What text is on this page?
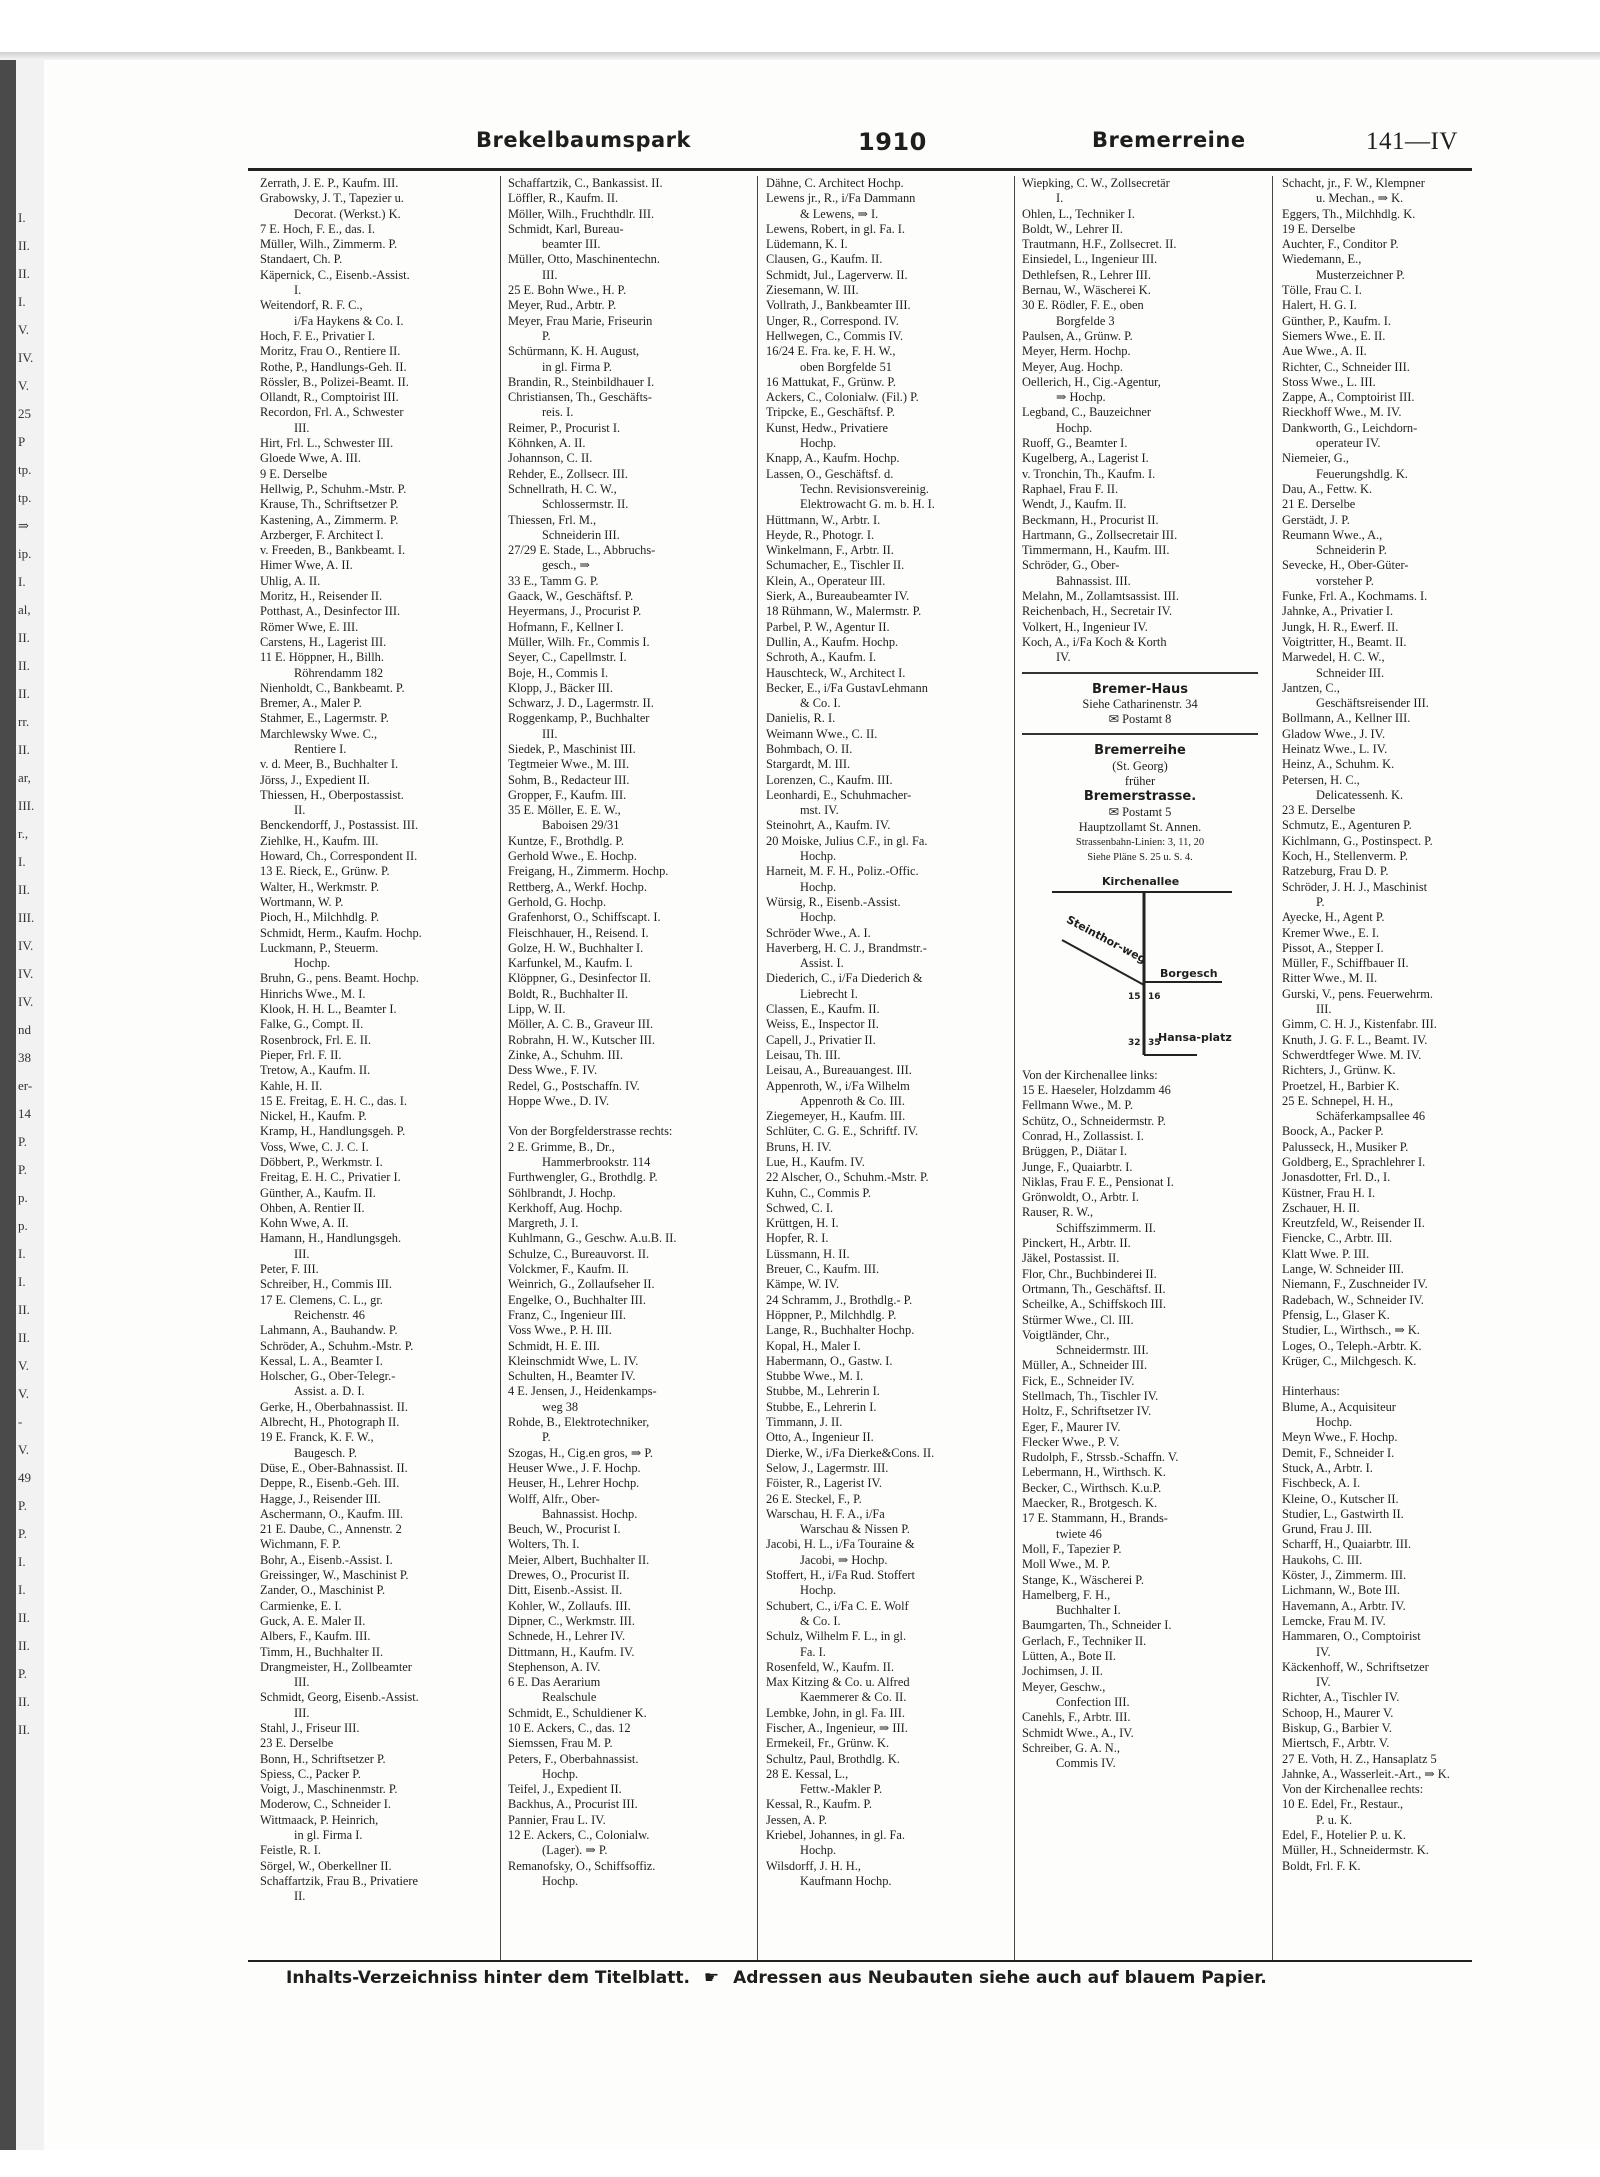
I.
II.
II.
I.
V.
IV.
V.
25
P
tp.
tp.
⇒
ip.
I.
al,
II.
II.
II.
rr.
II.
ar,
III.
r.,
I.
II.
III.
IV.
IV.
IV.
nd
38
er-
14
P.
P.
p.
p.
I.
I.
II.
II.
V.
V.
-
V.
49
P.
P.
I.
I.
II.
II.
P.
II.
II.
Brekelbaumspark	1910	Bremerreine	141—IV
Zerrath, J. E. P., Kaufm. III.
Grabowsky, J. T., Tapezier u.
Decorat. (Werkst.) K.
7 E. Hoch, F. E., das. I.
Müller, Wilh., Zimmerm. P.
Standaert, Ch. P.
Käpernick, C., Eisenb.-Assist.
I.
Weitendorf, R. F. C.,
i/Fa Haykens & Co. I.
Hoch, F. E., Privatier I.
Moritz, Frau O., Rentiere II.
Rothe, P., Handlungs-Geh. II.
Rössler, B., Polizei-Beamt. II.
Ollandt, R., Comptoirist III.
Recordon, Frl. A., Schwester
III.
Hirt, Frl. L., Schwester III.
Gloede Wwe, A. III.
9 E. Derselbe
Hellwig, P., Schuhm.-Mstr. P.
Krause, Th., Schriftsetzer P.
Kastening, A., Zimmerm. P.
Arzberger, F. Architect I.
v. Freeden, B., Bankbeamt. I.
Himer Wwe, A. II.
Uhlig, A. II.
Moritz, H., Reisender II.
Potthast, A., Desinfector III.
Römer Wwe, E. III.
Carstens, H., Lagerist III.
11 E. Höppner, H., Billh.
Röhrendamm 182
Nienholdt, C., Bankbeamt. P.
Bremer, A., Maler P.
Stahmer, E., Lagermstr. P.
Marchlewsky Wwe. C.,
Rentiere I.
v. d. Meer, B., Buchhalter I.
Jörss, J., Expedient II.
Thiessen, H., Oberpostassist.
II.
Benckendorff, J., Postassist. III.
Ziehlke, H., Kaufm. III.
Howard, Ch., Correspondent II.
13 E. Rieck, E., Grünw. P.
Walter, H., Werkmstr. P.
Wortmann, W. P.
Pioch, H., Milchhdlg. P.
Schmidt, Herm., Kaufm. Hochp.
Luckmann, P., Steuerm.
Hochp.
Bruhn, G., pens. Beamt. Hochp.
Hinrichs Wwe., M. I.
Klook, H. H. L., Beamter I.
Falke, G., Compt. II.
Rosenbrock, Frl. E. II.
Pieper, Frl. F. II.
Tretow, A., Kaufm. II.
Kahle, H. II.
15 E. Freitag, E. H. C., das. I.
Nickel, H., Kaufm. P.
Kramp, H., Handlungsgeh. P.
Voss, Wwe, C. J. C. I.
Döbbert, P., Werkmstr. I.
Freitag, E. H. C., Privatier I.
Günther, A., Kaufm. II.
Ohben, A. Rentier II.
Kohn Wwe, A. II.
Hamann, H., Handlungsgeh.
III.
Peter, F. III.
Schreiber, H., Commis III.
17 E. Clemens, C. L., gr.
Reichenstr. 46
Lahmann, A., Bauhandw. P.
Schröder, A., Schuhm.-Mstr. P.
Kessal, L. A., Beamter I.
Holscher, G., Ober-Telegr.-
Assist. a. D. I.
Gerke, H., Oberbahnassist. II.
Albrecht, H., Photograph II.
19 E. Franck, K. F. W.,
Baugesch. P.
Düse, E., Ober-Bahnassist. II.
Deppe, R., Eisenb.-Geh. III.
Hagge, J., Reisender III.
Aschermann, O., Kaufm. III.
21 E. Daube, C., Annenstr. 2
Wichmann, F. P.
Bohr, A., Eisenb.-Assist. I.
Greissinger, W., Maschinist P.
Zander, O., Maschinist P.
Carmienke, E. I.
Guck, A. E. Maler II.
Albers, F., Kaufm. III.
Timm, H., Buchhalter II.
Drangmeister, H., Zollbeamter
III.
Schmidt, Georg, Eisenb.-Assist.
III.
Stahl, J., Friseur III.
23 E. Derselbe
Bonn, H., Schriftsetzer P.
Spiess, C., Packer P.
Voigt, J., Maschinenmstr. P.
Moderow, C., Schneider I.
Wittmaack, P. Heinrich,
in gl. Firma I.
Feistle, R. I.
Sörgel, W., Oberkellner II.
Schaffartzik, Frau B., Privatiere
II.
Schaffartzik, C., Bankassist. II.
Löffler, R., Kaufm. II.
Möller, Wilh., Fruchthdlr. III.
Schmidt, Karl, Bureau-
beamter III.
Müller, Otto, Maschinentechn.
III.
25 E. Bohn Wwe., H. P.
Meyer, Rud., Arbtr. P.
Meyer, Frau Marie, Friseurin
P.
Schürmann, K. H. August,
in gl. Firma P.
Brandin, R., Steinbildhauer I.
Christiansen, Th., Geschäfts-
reis. I.
Reimer, P., Procurist I.
Köhnken, A. II.
Johannson, C. II.
Rehder, E., Zollsecr. III.
Schnellrath, H. C. W.,
Schlossermstr. II.
Thiessen, Frl. M.,
Schneiderin III.
27/29 E. Stade, L., Abbruchs-
gesch., ⇒
33 E., Tamm G. P.
Gaack, W., Geschäftsf. P.
Heyermans, J., Procurist P.
Hofmann, F., Kellner I.
Müller, Wilh. Fr., Commis I.
Seyer, C., Capellmstr. I.
Boje, H., Commis I.
Klopp, J., Bäcker III.
Schwarz, J. D., Lagermstr. II.
Roggenkamp, P., Buchhalter
III.
Siedek, P., Maschinist III.
Tegtmeier Wwe., M. III.
Sohm, B., Redacteur III.
Gropper, F., Kaufm. III.
35 E. Möller, E. E. W.,
Baboisen 29/31
Kuntze, F., Brothdlg. P.
Gerhold Wwe., E. Hochp.
Freigang, H., Zimmerm. Hochp.
Rettberg, A., Werkf. Hochp.
Gerhold, G. Hochp.
Grafenhorst, O., Schiffscapt. I.
Fleischhauer, H., Reisend. I.
Golze, H. W., Buchhalter I.
Karfunkel, M., Kaufm. I.
Klöppner, G., Desinfector II.
Boldt, R., Buchhalter II.
Lipp, W. II.
Möller, A. C. B., Graveur III.
Robrahn, H. W., Kutscher III.
Zinke, A., Schuhm. III.
Dess Wwe., F. IV.
Redel, G., Postschaffn. IV.
Hoppe Wwe., D. IV.

Von der Borgfelderstrasse rechts:
2 E. Grimme, B., Dr.,
Hammerbrookstr. 114
Furthwengler, G., Brothdlg. P.
Söhlbrandt, J. Hochp.
Kerkhoff, Aug. Hochp.
Margreth, J. I.
Kuhlmann, G., Geschw. A.u.B. II.
Schulze, C., Bureauvorst. II.
Volckmer, F., Kaufm. II.
Weinrich, G., Zollaufseher II.
Engelke, O., Buchhalter III.
Franz, C., Ingenieur III.
Voss Wwe., P. H. III.
Schmidt, H. E. III.
Kleinschmidt Wwe, L. IV.
Schulten, H., Beamter IV.
4 E. Jensen, J., Heidenkamps-
weg 38
Rohde, B., Elektrotechniker,
P.
Szogas, H., Cig.en gros, ⇒ P.
Heuser Wwe., J. F. Hochp.
Heuser, H., Lehrer Hochp.
Wolff, Alfr., Ober-
Bahnassist. Hochp.
Beuch, W., Procurist I.
Wolters, Th. I.
Meier, Albert, Buchhalter II.
Drewes, O., Procurist II.
Ditt, Eisenb.-Assist. II.
Kohler, W., Zollaufs. III.
Dipner, C., Werkmstr. III.
Schnede, H., Lehrer IV.
Dittmann, H., Kaufm. IV.
Stephenson, A. IV.
6 E. Das Aerarium
Realschule
Schmidt, E., Schuldiener K.
10 E. Ackers, C., das. 12
Siemssen, Frau M. P.
Peters, F., Oberbahnassist.
Hochp.
Teifel, J., Expedient II.
Backhus, A., Procurist III.
Pannier, Frau L. IV.
12 E. Ackers, C., Colonialw.
(Lager). ⇒ P.
Remanofsky, O., Schiffsoffiz.
Hochp.
Dähne, C. Architect Hochp.
Lewens jr., R., i/Fa Dammann
& Lewens, ⇒ I.
Lewens, Robert, in gl. Fa. I.
Lüdemann, K. I.
Clausen, G., Kaufm. II.
Schmidt, Jul., Lagerverw. II.
Ziesemann, W. III.
Vollrath, J., Bankbeamter III.
Unger, R., Correspond. IV.
Hellwegen, C., Commis IV.
16/24 E. Fra. ke, F. H. W.,
oben Borgfelde 51
16 Mattukat, F., Grünw. P.
Ackers, C., Colonialw. (Fil.) P.
Tripcke, E., Geschäftsf. P.
Kunst, Hedw., Privatiere
Hochp.
Knapp, A., Kaufm. Hochp.
Lassen, O., Geschäftsf. d.
Techn. Revisionsvereinig.
Elektrowacht G. m. b. H. I.
Hüttmann, W., Arbtr. I.
Heyde, R., Photogr. I.
Winkelmann, F., Arbtr. II.
Schumacher, E., Tischler II.
Klein, A., Operateur III.
Sierk, A., Bureaubeamter IV.
18 Rühmann, W., Malermstr. P.
Parbel, P. W., Agentur II.
Dullin, A., Kaufm. Hochp.
Schroth, A., Kaufm. I.
Hauschteck, W., Architect I.
Becker, E., i/Fa GustavLehmann
& Co. I.
Danielis, R. I.
Weimann Wwe., C. II.
Bohmbach, O. II.
Stargardt, M. III.
Lorenzen, C., Kaufm. III.
Leonhardi, E., Schuhmacher-
mst. IV.
Steinohrt, A., Kaufm. IV.
20 Moiske, Julius C.F., in gl. Fa.
Hochp.
Harneit, M. F. H., Poliz.-Offic.
Hochp.
Würsig, R., Eisenb.-Assist.
Hochp.
Schröder Wwe., A. I.
Haverberg, H. C. J., Brandmstr.-
Assist. I.
Diederich, C., i/Fa Diederich &
Liebrecht I.
Classen, E., Kaufm. II.
Weiss, E., Inspector II.
Capell, J., Privatier II.
Leisau, Th. III.
Leisau, A., Bureauangest. III.
Appenroth, W., i/Fa Wilhelm
Appenroth & Co. III.
Ziegemeyer, H., Kaufm. III.
Schlüter, C. G. E., Schriftf. IV.
Bruns, H. IV.
Lue, H., Kaufm. IV.
22 Alscher, O., Schuhm.-Mstr. P.
Kuhn, C., Commis P.
Schwed, C. I.
Krüttgen, H. I.
Hopfer, R. I.
Lüssmann, H. II.
Breuer, C., Kaufm. III.
Kämpe, W. IV.
24 Schramm, J., Brothdlg.- P.
Höppner, P., Milchhdlg. P.
Lange, R., Buchhalter Hochp.
Kopal, H., Maler I.
Habermann, O., Gastw. I.
Stubbe Wwe., M. I.
Stubbe, M., Lehrerin I.
Stubbe, E., Lehrerin I.
Timmann, J. II.
Otto, A., Ingenieur II.
Dierke, W., i/Fa Dierke&Cons. II.
Selow, J., Lagermstr. III.
Föister, R., Lagerist IV.
26 E. Steckel, F., P.
Warschau, H. F. A., i/Fa
Warschau & Nissen P.
Jacobi, H. L., i/Fa Touraine &
Jacobi, ⇒ Hochp.
Stoffert, H., i/Fa Rud. Stoffert
Hochp.
Schubert, C., i/Fa C. E. Wolf
& Co. I.
Schulz, Wilhelm F. L., in gl.
Fa. I.
Rosenfeld, W., Kaufm. II.
Max Kitzing & Co. u. Alfred
Kaemmerer & Co. II.
Lembke, John, in gl. Fa. III.
Fischer, A., Ingenieur, ⇒ III.
Ermekeil, Fr., Grünw. K.
Schultz, Paul, Brothdlg. K.
28 E. Kessal, L.,
Fettw.-Makler P.
Kessal, R., Kaufm. P.
Jessen, A. P.
Kriebel, Johannes, in gl. Fa.
Hochp.
Wilsdorff, J. H. H.,
Kaufmann Hochp.
Wiepking, C. W., Zollsecretär
I.
Ohlen, L., Techniker I.
Boldt, W., Lehrer II.
Trautmann, H.F., Zollsecret. II.
Einsiedel, L., Ingenieur III.
Dethlefsen, R., Lehrer III.
Bernau, W., Wäscherei K.
30 E. Rödler, F. E., oben
Borgfelde 3
Paulsen, A., Grünw. P.
Meyer, Herm. Hochp.
Meyer, Aug. Hochp.
Oellerich, H., Cig.-Agentur,
⇒ Hochp.
Legband, C., Bauzeichner
Hochp.
Ruoff, G., Beamter I.
Kugelberg, A., Lagerist I.
v. Tronchin, Th., Kaufm. I.
Raphael, Frau F. II.
Wendt, J., Kaufm. II.
Beckmann, H., Procurist II.
Hartmann, G., Zollsecretair III.
Timmermann, H., Kaufm. III.
Schröder, G., Ober-
Bahnassist. III.
Melahn, M., Zollamtsassist. III.
Reichenbach, H., Secretair IV.
Volkert, H., Ingenieur IV.
Koch, A., i/Fa Koch & Korth
IV.
Bremer-Haus
Siehe Catharinenstr. 34
✉ Postamt 8
Bremerreihe
(St. Georg)
früher
Bremerstrasse.
✉ Postamt 5
Hauptzollamt St. Annen.
Strassenbahn-Linien: 3, 11, 20
Siehe Pläne S. 25 u. S. 4.
Kirchenallee
Steinthor-weg
Borgesch
Hansa-platz
15 16
32 35
Von der Kirchenallee links:
15 E. Haeseler, Holzdamm 46
Fellmann Wwe., M. P.
Schütz, O., Schneidermstr. P.
Conrad, H., Zollassist. I.
Brüggen, P., Diätar I.
Junge, F., Quaiarbtr. I.
Niklas, Frau F. E., Pensionat I.
Grönwoldt, O., Arbtr. I.
Rauser, R. W.,
Schiffszimmerm. II.
Pinckert, H., Arbtr. II.
Jäkel, Postassist. II.
Flor, Chr., Buchbinderei II.
Ortmann, Th., Geschäftsf. II.
Scheilke, A., Schiffskoch III.
Stürmer Wwe., Cl. III.
Voigtländer, Chr.,
Schneidermstr. III.
Müller, A., Schneider III.
Fick, E., Schneider IV.
Stellmach, Th., Tischler IV.
Holtz, F., Schriftsetzer IV.
Eger, F., Maurer IV.
Flecker Wwe., P. V.
Rudolph, F., Strssb.-Schaffn. V.
Lebermann, H., Wirthsch. K.
Becker, C., Wirthsch. K.u.P.
Maecker, R., Brotgesch. K.
17 E. Stammann, H., Brands-
twiete 46
Moll, F., Tapezier P.
Moll Wwe., M. P.
Stange, K., Wäscherei P.
Hamelberg, F. H.,
Buchhalter I.
Baumgarten, Th., Schneider I.
Gerlach, F., Techniker II.
Lütten, A., Bote II.
Jochimsen, J. II.
Meyer, Geschw.,
Confection III.
Canehls, F., Arbtr. III.
Schmidt Wwe., A., IV.
Schreiber, G. A. N.,
Commis IV.
Schacht, jr., F. W., Klempner
u. Mechan., ⇒ K.
Eggers, Th., Milchhdlg. K.
19 E. Derselbe
Auchter, F., Conditor P.
Wiedemann, E.,
Musterzeichner P.
Tölle, Frau C. I.
Halert, H. G. I.
Günther, P., Kaufm. I.
Siemers Wwe., E. II.
Aue Wwe., A. II.
Richter, C., Schneider III.
Stoss Wwe., L. III.
Zappe, A., Comptoirist III.
Rieckhoff Wwe., M. IV.
Dankworth, G., Leichdorn-
operateur IV.
Niemeier, G.,
Feuerungshdlg. K.
Dau, A., Fettw. K.
21 E. Derselbe
Gerstädt, J. P.
Reumann Wwe., A.,
Schneiderin P.
Sevecke, H., Ober-Güter-
vorsteher P.
Funke, Frl. A., Kochmams. I.
Jahnke, A., Privatier I.
Jungk, H. R., Ewerf. II.
Voigtritter, H., Beamt. II.
Marwedel, H. C. W.,
Schneider III.
Jantzen, C.,
Geschäftsreisender III.
Bollmann, A., Kellner III.
Gladow Wwe., J. IV.
Heinatz Wwe., L. IV.
Heinz, A., Schuhm. K.
Petersen, H. C.,
Delicatessenh. K.
23 E. Derselbe
Schmutz, E., Agenturen P.
Kichlmann, G., Postinspect. P.
Koch, H., Stellenverm. P.
Ratzeburg, Frau D. P.
Schröder, J. H. J., Maschinist
P.
Ayecke, H., Agent P.
Kremer Wwe., E. I.
Pissot, A., Stepper I.
Müller, F., Schiffbauer II.
Ritter Wwe., M. II.
Gurski, V., pens. Feuerwehrm.
III.
Gimm, C. H. J., Kistenfabr. III.
Knuth, J. G. F. L., Beamt. IV.
Schwerdtfeger Wwe. M. IV.
Richters, J., Grünw. K.
Proetzel, H., Barbier K.
25 E. Schnepel, H. H.,
Schäferkampsallee 46
Boock, A., Packer P.
Palusseck, H., Musiker P.
Goldberg, E., Sprachlehrer I.
Jonasdotter, Frl. D., I.
Küstner, Frau H. I.
Zschauer, H. II.
Kreutzfeld, W., Reisender II.
Fiencke, C., Arbtr. III.
Klatt Wwe. P. III.
Lange, W. Schneider III.
Niemann, F., Zuschneider IV.
Radebach, W., Schneider IV.
Pfensig, L., Glaser K.
Studier, L., Wirthsch., ⇒ K.
Loges, O., Teleph.-Arbtr. K.
Krüger, C., Milchgesch. K.

Hinterhaus:
Blume, A., Acquisiteur
Hochp.
Meyn Wwe., F. Hochp.
Demit, F., Schneider I.
Stuck, A., Arbtr. I.
Fischbeck, A. I.
Kleine, O., Kutscher II.
Studier, L., Gastwirth II.
Grund, Frau J. III.
Scharff, H., Quaiarbtr. III.
Haukohs, C. III.
Köster, J., Zimmerm. III.
Lichmann, W., Bote III.
Havemann, A., Arbtr. IV.
Lemcke, Frau M. IV.
Hammaren, O., Comptoirist
IV.
Käckenhoff, W., Schriftsetzer
IV.
Richter, A., Tischler IV.
Schoop, H., Maurer V.
Biskup, G., Barbier V.
Miertsch, F., Arbtr. V.
27 E. Voth, H. Z., Hansaplatz 5
Jahnke, A., Wasserleit.-Art., ⇒ K.
Von der Kirchenallee rechts:
10 E. Edel, Fr., Restaur.,
P. u. K.
Edel, F., Hotelier P. u. K.
Müller, H., Schneidermstr. K.
Boldt, Frl. F. K.
Inhalts-Verzeichniss hinter dem Titelblatt. ☛ Adressen aus Neubauten siehe auch auf blauem Papier.
